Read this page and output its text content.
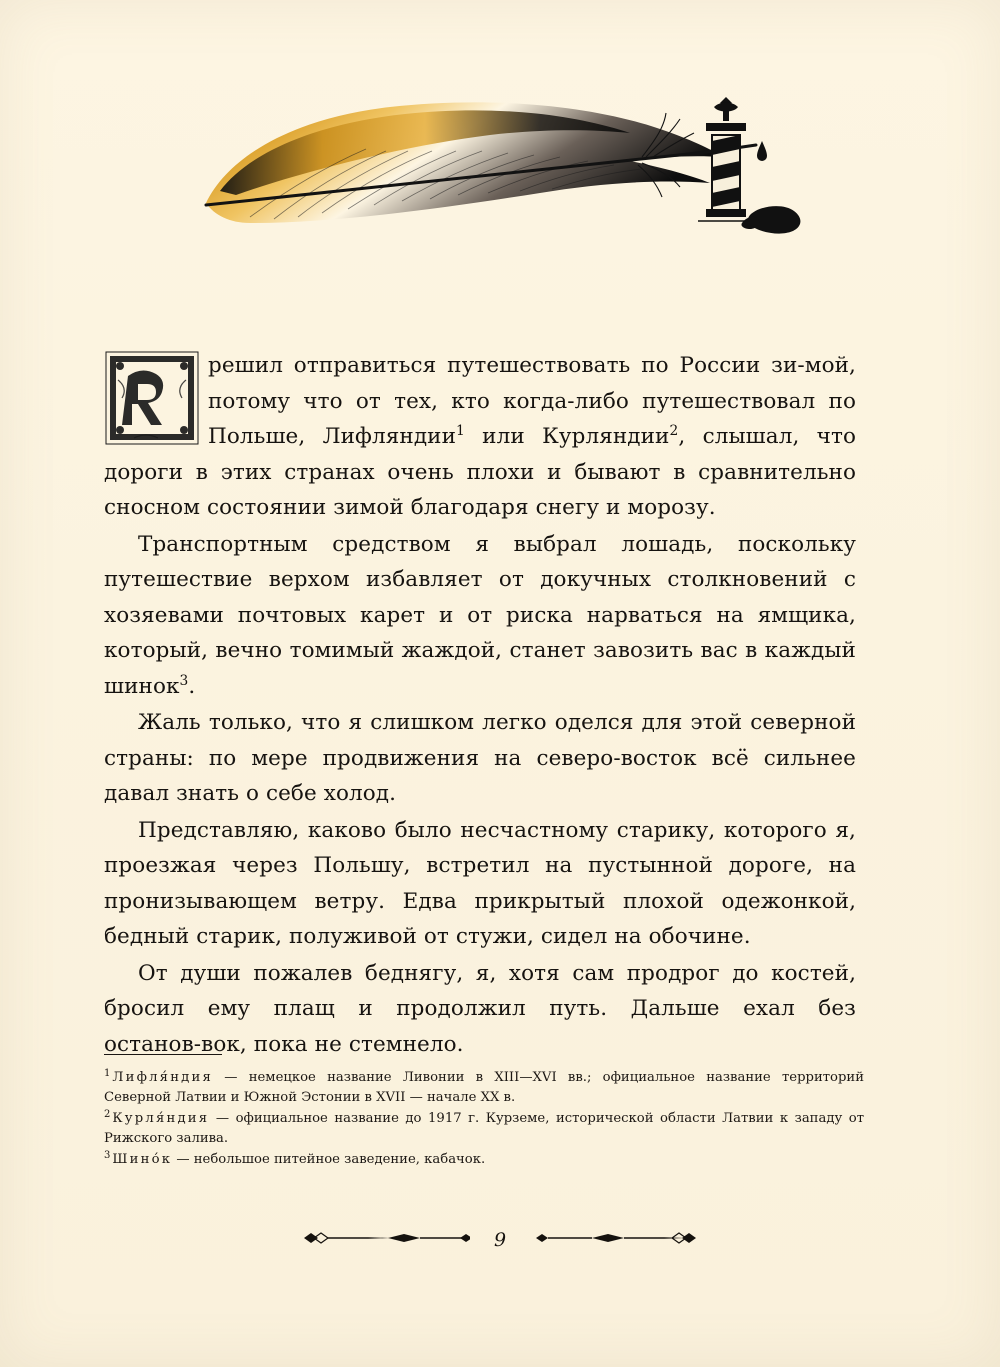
решил отправиться путешествовать по России зи‑мой, потому что от тех, кто когда‑либо путешествовал по Польше, Лифляндии$^1$ или Курляндии$^2$, слышал, что дороги в этих странах очень плохи и бывают в сравнительно сносном состоянии зимой благодаря снегу и морозу.

Транспортным средством я выбрал лошадь, поскольку путешествие верхом избавляет от докучных столкновений с хозяевами почтовых карет и от риска нарваться на ямщика, который, вечно томимый жаждой, станет завозить вас в каждый шинок$^3$.

Жаль только, что я слишком легко оделся для этой северной страны: по мере продвижения на северо‑восток всё сильнее давал знать о себе холод.

Представляю, каково было несчастному старику, которого я, проезжая через Польшу, встретил на пустынной дороге, на пронизывающем ветру. Едва прикрытый плохой одежонкой, бедный старик, полуживой от стужи, сидел на обочине.

От души пожалев беднягу, я, хотя сам продрог до костей, бросил ему плащ и продолжил путь. Дальше ехал без останов‑вок, пока не стемнело.

$^1$ Лифля́ндия — немецкое название Ливонии в XIII—XVI вв.; официальное название территорий Северной Латвии и Южной Эстонии в XVII — начале XX в.

$^2$ Курля́ндия — официальное название до 1917 г. Курземе, исторической области Латвии к западу от Рижского залива.

$^3$ Шино́к — небольшое питейное заведение, кабачок.

9
